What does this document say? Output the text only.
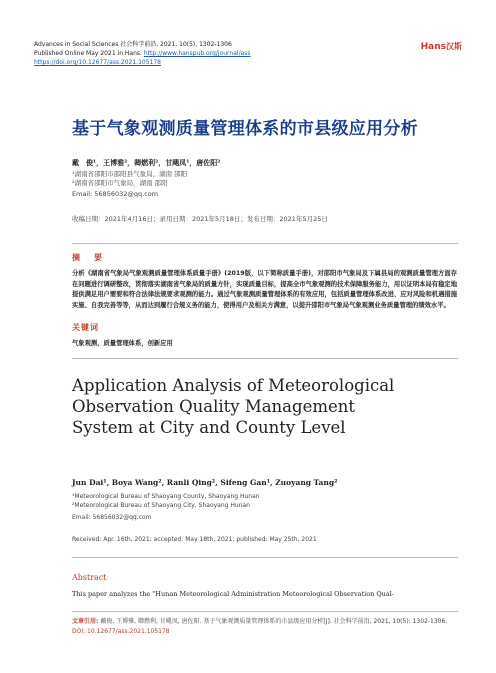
Advances in Social Sciences 社会科学前沿, 2021, 10(5), 1302-1306
Published Online May 2021 in Hans. http://www.hanspub.org/journal/ass
https://doi.org/10.12677/ass.2021.105178
Hans汉斯
基于气象观测质量管理体系的市县级应用分析
戴　俊¹，王博雅²，卿燃利²，甘飓凤¹，唐佐阳²
¹湖南省邵阳市邵阳县气象局，湖南 邵阳
²湖南省邵阳市气象局，湖南 邵阳
Email: 56856032@qq.com
收稿日期：2021年4月16日；录用日期：2021年5月18日；发布日期：2021年5月25日
摘　要
分析《湖南省气象局气象观测质量管理体系质量手册》(2019版，以下简称质量手册)，对邵阳市气象局及下属县局的观测质量管理方面存在问题进行调研整改，贯彻落实湖南省气象局的质量方针，实现质量目标，提高全市气象观测的技术保障服务能力，用以证明本局有稳定地提供满足用户需要和符合法律法规要求观测的能力。通过气象观测质量管理体系的有效应用，包括质量管理体系改进、应对风险和机遇措施实施、自我完善等等，从而达到履行合规义务的能力，使得用户及相关方满意，以提升邵阳市气象局气象观测业务质量管理的绩效水平。
关键词
气象观测，质量管理体系，创新应用
Application Analysis of Meteorological
Observation Quality Management
System at City and County Level
Jun Dai¹, Boya Wang², Ranli Qing², Sifeng Gan¹, Zuoyang Tang²
¹Meteorological Bureau of Shaoyang County, Shaoyang Hunan
²Meteorological Bureau of Shaoyang City, Shaoyang Hunan
Email: 56856032@qq.com
Received: Apr. 16th, 2021; accepted: May 18th, 2021; published: May 25th, 2021
Abstract
This paper analyzes the "Hunan Meteorological Administration Meteorological Observation Qual-
文章引用: 戴俊, 王博雅, 卿燃利, 甘飓凤, 唐佐阳. 基于气象观测质量管理体系的市县级应用分析[J]. 社会科学前沿, 2021, 10(5): 1302-1306. DOI: 10.12677/ass.2021.105178
